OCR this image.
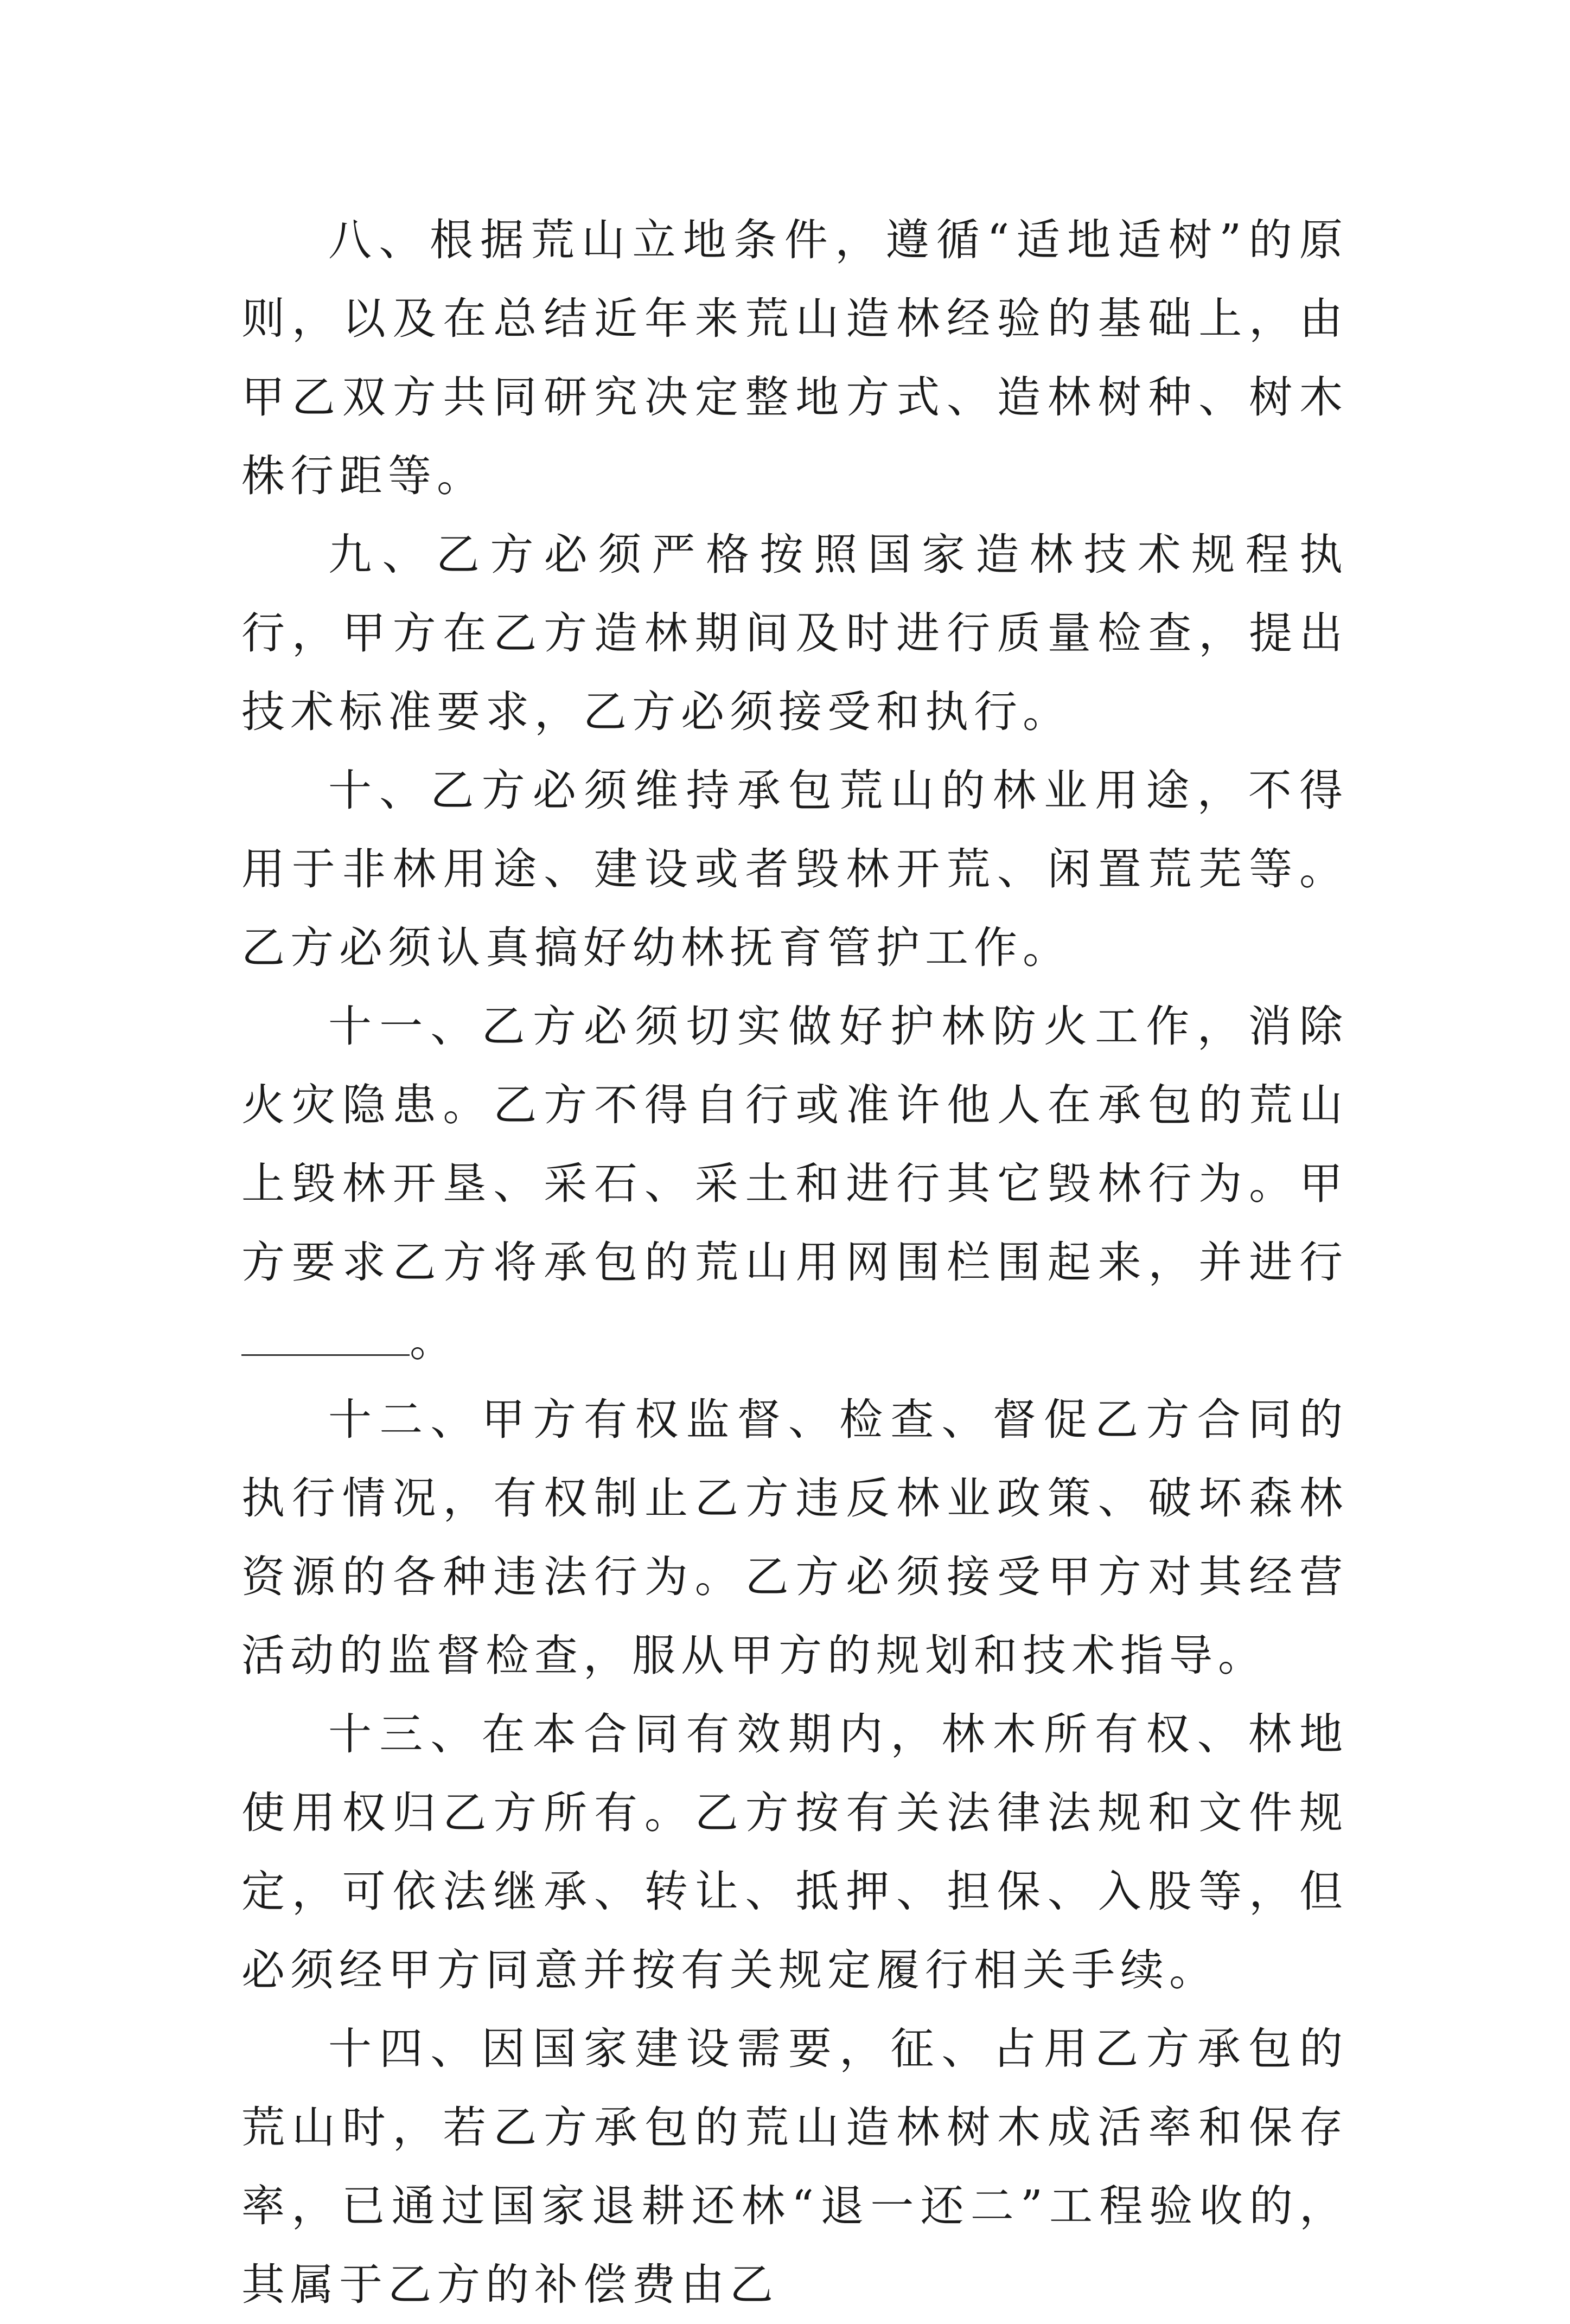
八、根据荒山立地条件，遵循“适地适树”的原则，以及在总结近年来荒山造林经验的基础上，由甲乙双方共同研究决定整地方式、造林树种、树木株行距等。

九、乙方必须严格按照国家造林技术规程执行，甲方在乙方造林期间及时进行质量检查，提出技术标准要求，乙方必须接受和执行。

十、乙方必须维持承包荒山的林业用途，不得用于非林用途、建设或者毁林开荒、闲置荒芜等。乙方必须认真搞好幼林抚育管护工作。

十一、乙方必须切实做好护林防火工作，消除火灾隐患。乙方不得自行或准许他人在承包的荒山上毁林开垦、采石、采土和进行其它毁林行为。甲方要求乙方将承包的荒山用网围栏围起来，并进行。

十二、甲方有权监督、检查、督促乙方合同的执行情况，有权制止乙方违反林业政策、破坏森林资源的各种违法行为。乙方必须接受甲方对其经营活动的监督检查，服从甲方的规划和技术指导。

十三、在本合同有效期内，林木所有权、林地使用权归乙方所有。乙方按有关法律法规和文件规定，可依法继承、转让、抵押、担保、入股等，但必须经甲方同意并按有关规定履行相关手续。

十四、因国家建设需要，征、占用乙方承包的荒山时，若乙方承包的荒山造林树木成活率和保存率，已通过国家退耕还林“退一还二”工程验收的，其属于乙方的补偿费由乙
